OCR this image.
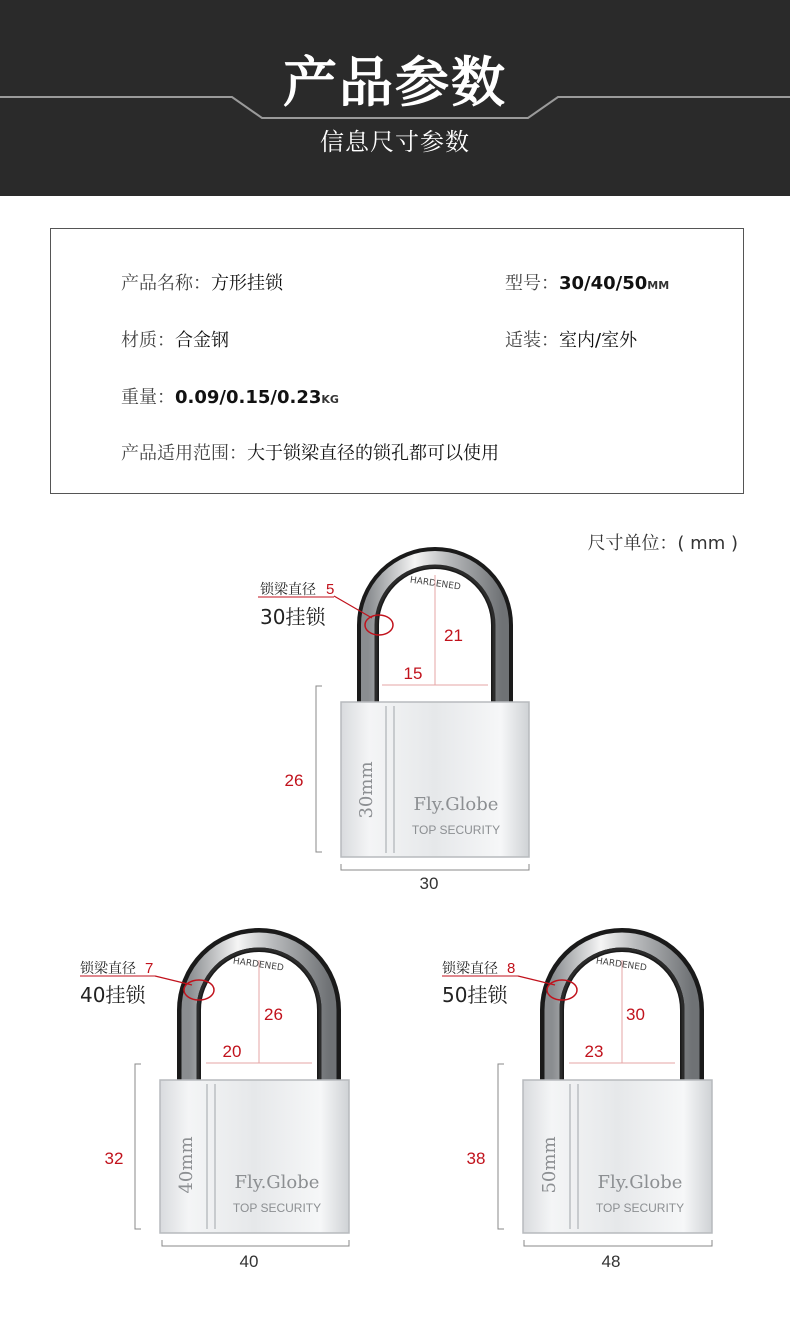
产品参数
信息尺寸参数
产品名称：方形挂锁	型号：30/40/50MM
材质：合金钢	适装：室内/室外
重量：0.09/0.15/0.23KG
产品适用范围：大于锁梁直径的锁孔都可以使用
尺寸单位：( mm )
HARDENED
30mm Fly.Globe
TOP SECURITY
锁梁直径 5
30挂锁
21
15
26
30
HARDENED
40mm Fly.Globe
TOP SECURITY
锁梁直径 7
40挂锁
26
20
32
40
HARDENED
50mm Fly.Globe
TOP SECURITY
锁梁直径 8
50挂锁
30
23
38
48
